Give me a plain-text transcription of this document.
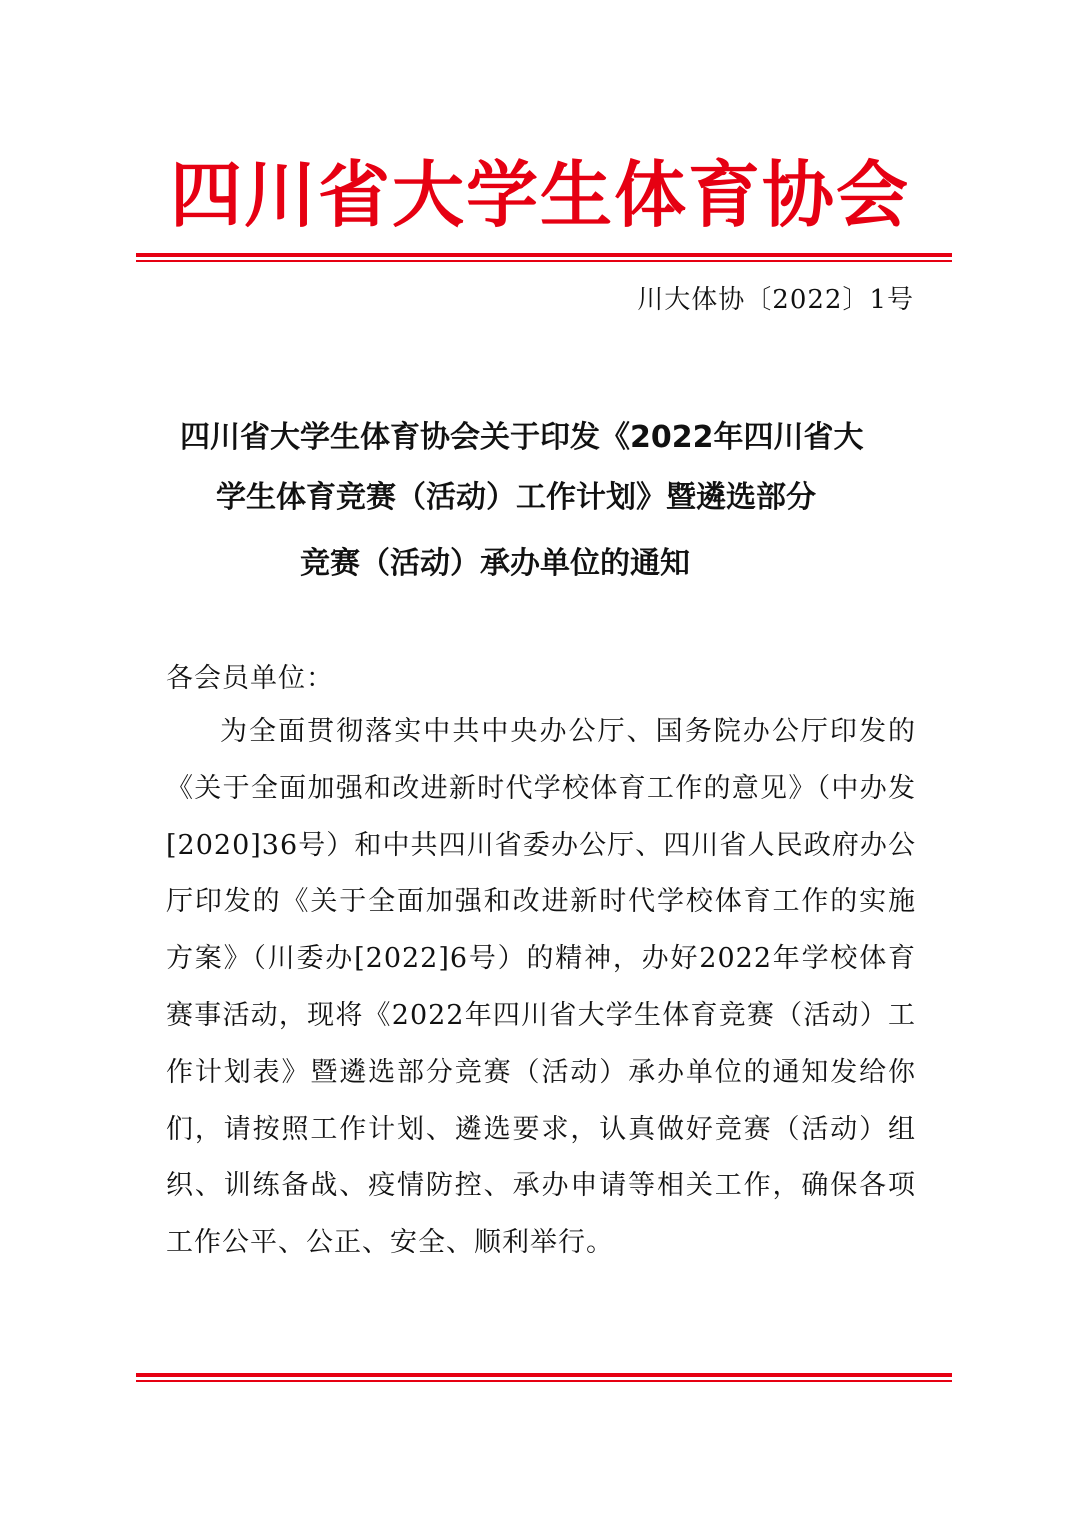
四川省大学生体育协会
川大体协〔2022〕1号
四川省大学生体育协会关于印发《2022年四川省大
学生体育竞赛（活动）工作计划》暨遴选部分
竞赛（活动）承办单位的通知
各会员单位：

为全面贯彻落实中共中央办公厅、国务院办公厅印发的《关于全面加强和改进新时代学校体育工作的意见》（中办发[2020]36号）和中共四川省委办公厅、四川省人民政府办公厅印发的《关于全面加强和改进新时代学校体育工作的实施方案》（川委办[2022]6号）的精神，办好2022年学校体育赛事活动，现将《2022年四川省大学生体育竞赛（活动）工作计划表》暨遴选部分竞赛（活动）承办单位的通知发给你们，请按照工作计划、遴选要求，认真做好竞赛（活动）组织、训练备战、疫情防控、承办申请等相关工作，确保各项工作公平、公正、安全、顺利举行。
